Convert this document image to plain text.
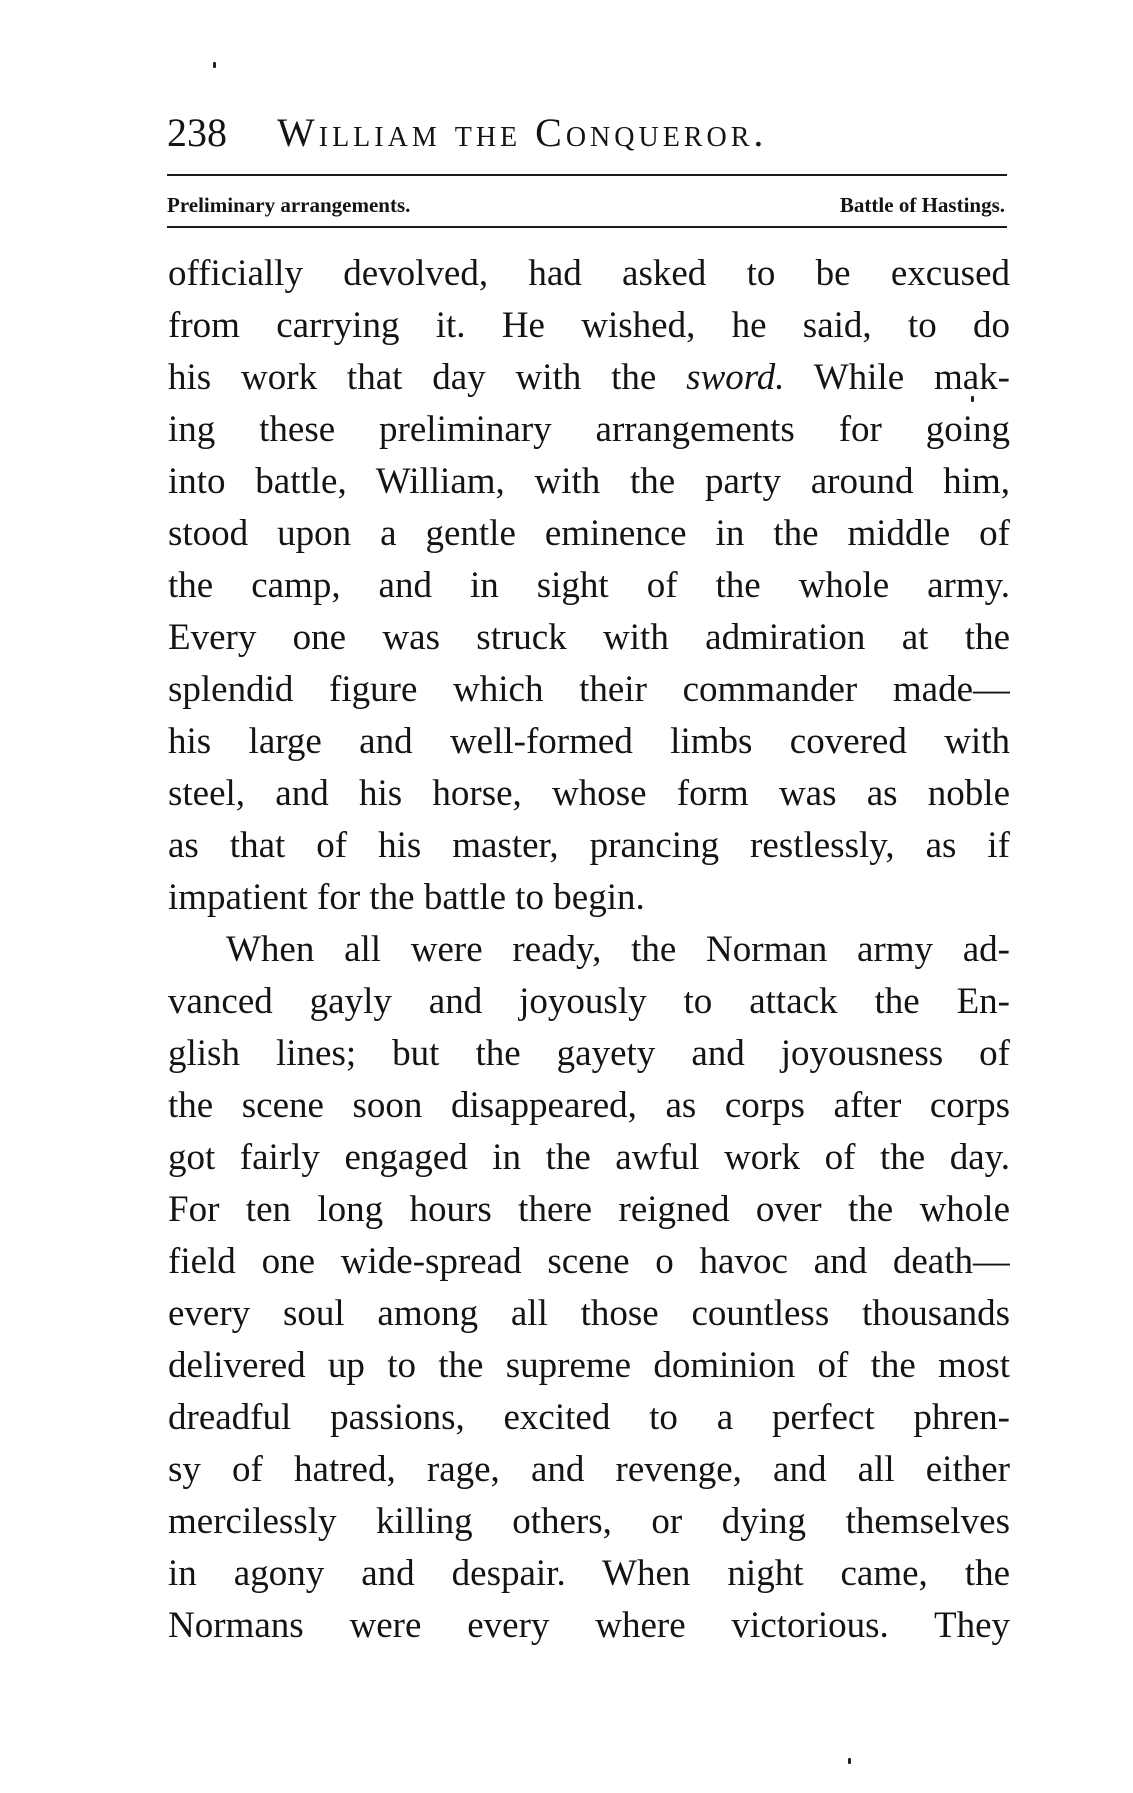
238 William the Conqueror.
Preliminary arrangements.	Battle of Hastings.
officially devolved, had asked to be excused
from carrying it. He wished, he said, to do
his work that day with the sword. While mak-
ing these preliminary arrangements for going
into battle, William, with the party around him,
stood upon a gentle eminence in the middle of
the camp, and in sight of the whole army.
Every one was struck with admiration at the
splendid figure which their commander made—
his large and well-formed limbs covered with
steel, and his horse, whose form was as noble
as that of his master, prancing restlessly, as if
impatient for the battle to begin.
When all were ready, the Norman army ad-
vanced gayly and joyously to attack the En-
glish lines; but the gayety and joyousness of
the scene soon disappeared, as corps after corps
got fairly engaged in the awful work of the day.
For ten long hours there reigned over the whole
field one wide-spread scene o havoc and death—
every soul among all those countless thousands
delivered up to the supreme dominion of the most
dreadful passions, excited to a perfect phren-
sy of hatred, rage, and revenge, and all either
mercilessly killing others, or dying themselves
in agony and despair. When night came, the
Normans were every where victorious. They
